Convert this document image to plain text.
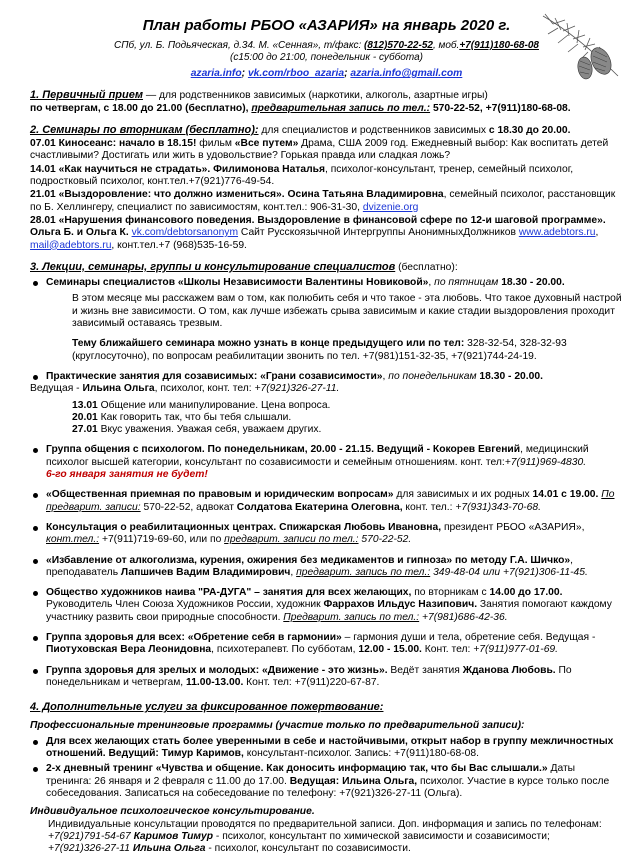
План работы РБОО «АЗАРИЯ» на январь 2020 г.
СПб, ул. Б. Подьяческая, д.34. М. «Сенная», т/факс: (812)570-22-52, моб.+7(911)180-68-08
(с15:00 до 21:00, понедельник - суббота)
azaria.info; vk.com/rboo_azaria; azaria.info@gmail.com
1. Первичный прием — для родственников зависимых (наркотики, алкоголь, азартные игры)

по четвергам, с 18.00 до 21.00 (бесплатно), предварительная запись по тел.: 570-22-52, +7(911)180-68-08.

2. Семинары по вторникам (бесплатно): для специалистов и родственников зависимых с 18.30 до 20.00.

07.01 Киносеанс: начало в 18.15! фильм «Все путем» Драма, США 2009 год. Ежедневный выбор: Как воспитать детей счастливыми? Достигать или жить в удовольствие? Горькая правда или сладкая ложь?

14.01 «Как научиться не страдать». Филимонова Наталья, психолог-консультант, тренер, семейный психолог, подростковый психолог, конт.тел.+7(921)776-49-54.

21.01 «Выздоровление: что должно измениться». Осина Татьяна Владимировна, семейный психолог, расстановщик по Б. Хеллингеру, специалист по зависимостям, конт.тел.: 906-31-30, dvizenie.org

28.01 «Нарушения финансового поведения. Выздоровление в финансовой сфере по 12-и шаговой программе». Ольга Б. и Ольга К. vk.com/debtorsanonym Сайт Русскоязычной Интергруппы АнонимныхДолжников www.adebtors.ru, mail@adebtors.ru, конт.тел.+7 (968)535-16-59.

3. Лекции, семинары, группы и консультирование специалистов (бесплатно):
Семинары специалистов «Школы Независимости Валентины Новиковой», по пятницам 18.30 - 20.00.

В этом месяце мы расскажем вам о том, как полюбить себя и что такое - эта любовь. Что такое духовный настрой и жизнь вне зависимости. О том, как лучше избежать срыва зависимым и какие стадии выздоровления проходит зависимый оставаясь трезвым.

Тему ближайшего семинара можно узнать в конце предыдущего или по тел: 328-32-54, 328-32-93 (круглосуточно), по вопросам реабилитации звонить по тел. +7(981)151-32-35, +7(921)744-24-19.

Практические занятия для созависимых: «Грани созависимости», по понедельникам 18.30 - 20.00.
Ведущая - Ильина Ольга, психолог, конт. тел: +7(921)326-27-11.

13.01 Общение или манипулирование. Цена вопроса.

20.01 Как говорить так, что бы тебя слышали.

27.01 Вкус уважения. Уважая себя, уважаем других.

Группа общения с психологом. По понедельникам, 20.00 - 21.15. Ведущий - Кокорев Евгений, медицинский психолог высшей категории, консультант по созависимости и семейным отношениям. конт. тел:+7(911)969-4830.
6-го января занятия не будет!
«Общественная приемная по правовым и юридическим вопросам» для зависимых и их родных 14.01 с 19.00. По предварит. записи: 570-22-52, адвокат Солдатова Екатерина Олеговна, конт. тел.: +7(931)343-70-68.
Консультация о реабилитационных центрах. Спижарская Любовь Ивановна, президент РБОО «АЗАРИЯ», конт.тел.: +7(911)719-69-60, или по предварит. записи по тел.: 570-22-52.
«Избавление от алкоголизма, курения, ожирения без медикаментов и гипноза» по методу Г.А. Шичко», преподаватель Лапшичев Вадим Владимирович, предварит. запись по тел.: 349-48-04 или +7(921)306-11-45.
Общество художников наива "РА-ДУГА" – занятия для всех желающих, по вторникам с 14.00 до 17.00. Руководитель Член Союза Художников России, художник Фаррахов Ильдус Назипович. Занятия помогают каждому участнику развить свои природные способности. Предварит. запись по тел.: +7(981)686-42-36.
Группа здоровья для всех: «Обретение себя в гармонии» – гармония души и тела, обретение себя. Ведущая - Пиотуховская Вера Леонидовна, психотерапевт. По субботам, 12.00 - 15.00. Конт. тел: +7(911)977-01-69.
Группа здоровья для зрелых и молодых: «Движение - это жизнь». Ведёт занятия Жданова Любовь. По понедельникам и четвергам, 11.00-13.00. Конт. тел: +7(911)220-67-87.
4. Дополнительные услуги за фиксированное пожертвование:
Профессиональные тренинговые программы (участие только по предварительной записи):
Для всех желающих стать более уверенными в себе и настойчивыми, открыт набор в группу межличностных отношений. Ведущий: Тимур Каримов, консультант-психолог. Запись: +7(911)180-68-08.
2-х дневный тренинг «Чувства и общение. Как доносить информацию так, что бы Вас слышали.» Даты тренинга: 26 января и 2 февраля с 11.00 до 17.00. Ведущая: Ильина Ольга, психолог. Участие в курсе только после собеседования. Записаться на собеседование по телефону: +7(921)326-27-11 (Ольга).
Индивидуальное психологическое консультирование.

Индивидуальные консультации проводятся по предварительной записи. Доп. информация и запись по телефонам:

+7(921)791-54-67 Каримов Тимур - психолог, консультант по химической зависимости и созависимости;

+7(921)326-27-11 Ильина Ольга - психолог, консультант по созависимости.
